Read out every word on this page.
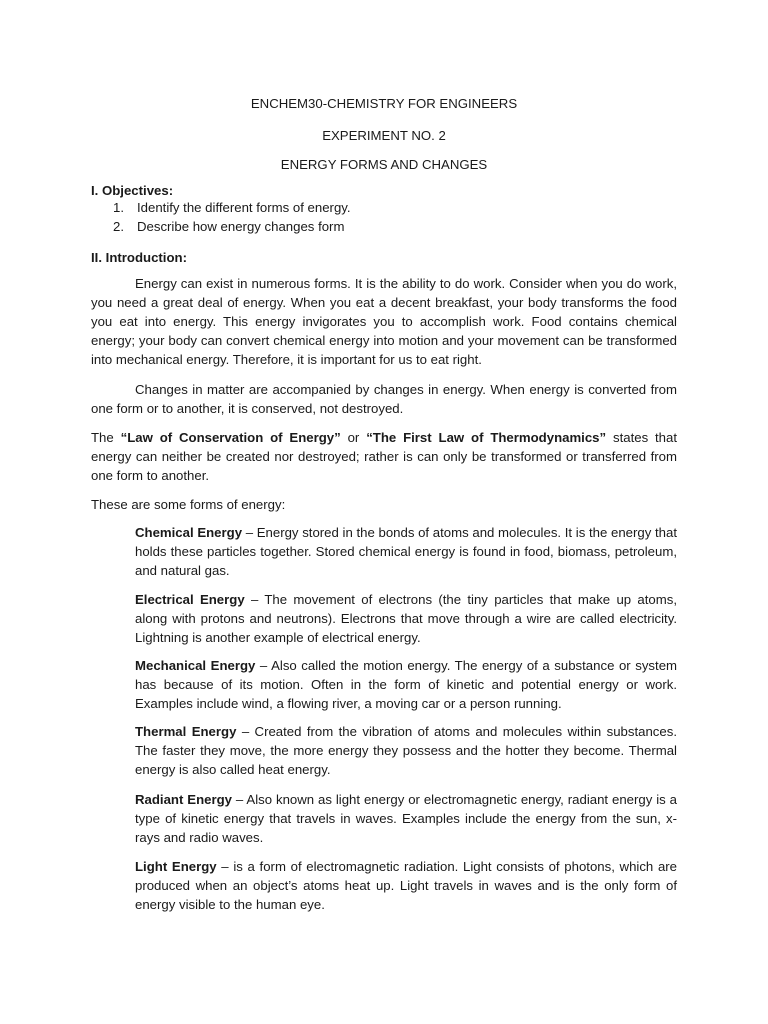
ENCHEM30-CHEMISTRY FOR ENGINEERS
EXPERIMENT NO. 2
ENERGY FORMS AND CHANGES
I. Objectives:
1. Identify the different forms of energy.
2. Describe how energy changes form
II. Introduction:

Energy can exist in numerous forms. It is the ability to do work. Consider when you do work, you need a great deal of energy. When you eat a decent breakfast, your body transforms the food you eat into energy. This energy invigorates you to accomplish work. Food contains chemical energy; your body can convert chemical energy into motion and your movement can be transformed into mechanical energy. Therefore, it is important for us to eat right.

Changes in matter are accompanied by changes in energy. When energy is converted from one form or to another, it is conserved, not destroyed.

The “Law of Conservation of Energy” or “The First Law of Thermodynamics” states that energy can neither be created nor destroyed; rather is can only be transformed or transferred from one form to another.

These are some forms of energy:

Chemical Energy – Energy stored in the bonds of atoms and molecules. It is the energy that holds these particles together. Stored chemical energy is found in food, biomass, petroleum, and natural gas.

Electrical Energy – The movement of electrons (the tiny particles that make up atoms, along with protons and neutrons). Electrons that move through a wire are called electricity. Lightning is another example of electrical energy.

Mechanical Energy – Also called the motion energy. The energy of a substance or system has because of its motion. Often in the form of kinetic and potential energy or work. Examples include wind, a flowing river, a moving car or a person running.

Thermal Energy – Created from the vibration of atoms and molecules within substances. The faster they move, the more energy they possess and the hotter they become. Thermal energy is also called heat energy.

Radiant Energy – Also known as light energy or electromagnetic energy, radiant energy is a type of kinetic energy that travels in waves. Examples include the energy from the sun, x-rays and radio waves.

Light Energy – is a form of electromagnetic radiation. Light consists of photons, which are produced when an object’s atoms heat up. Light travels in waves and is the only form of energy visible to the human eye.
